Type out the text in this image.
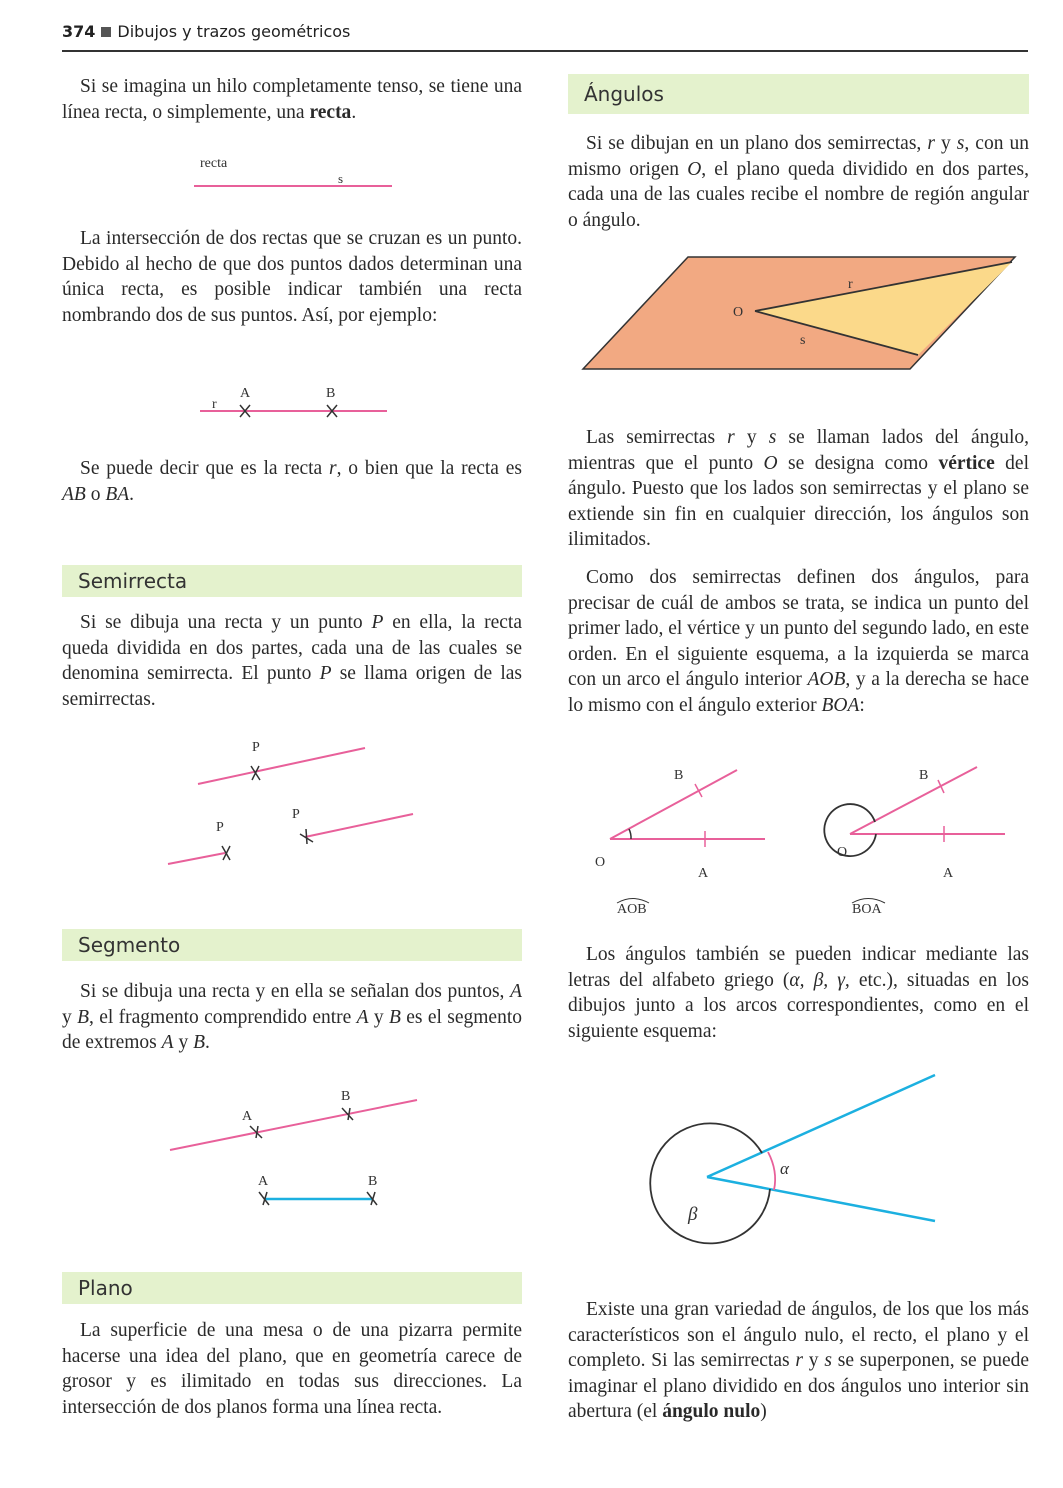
374 Dibujos y trazos geométricos
Si se imagina un hilo completamente tenso, se tiene una línea recta, o simplemente, una recta.
recta
s
La intersección de dos rectas que se cruzan es un punto. Debido al hecho de que dos puntos dados determinan una única recta, es posible indicar también una recta nombrando dos de sus puntos. Así, por ejemplo:
r
A	B
Se puede decir que es la recta r, o bien que la recta es AB o BA.
Semirrecta
Si se dibuja una recta y un punto P en ella, la recta queda dividida en dos partes, cada una de las cuales se denomina semirrecta. El punto P se llama origen de las semirrectas.
P
P
P
Segmento
Si se dibuja una recta y en ella se señalan dos puntos, A y B, el fragmento comprendido entre A y B es el segmento de extremos A y B.
A
B
A	B
Plano
La superficie de una mesa o de una pizarra permite hacerse una idea del plano, que en geometría carece de grosor y es ilimitado en todas sus direcciones. La intersección de dos planos forma una línea recta.
Ángulos
Si se dibujan en un plano dos semirrectas, r y s, con un mismo origen O, el plano queda dividido en dos partes, cada una de las cuales recibe el nombre de región angular o ángulo.
O
r
s
Las semirrectas r y s se llaman lados del ángulo, mientras que el punto O se designa como vértice del ángulo. Puesto que los lados son semirrectas y el plano se extiende sin fin en cualquier dirección, los ángulos son ilimitados.
Como dos semirrectas definen dos ángulos, para precisar de cuál de ambos se trata, se indica un punto del primer lado, el vértice y un punto del segundo lado, en este orden. En el siguiente esquema, a la izquierda se marca con un arco el ángulo interior AOB, y a la derecha se hace lo mismo con el ángulo exterior BOA:
B
O
A
AOB
B
O
A
BOA
Los ángulos también se pueden indicar mediante las letras del alfabeto griego (α, β, γ, etc.), situadas en los dibujos junto a los arcos correspondientes, como en el siguiente esquema:
α
β
Existe una gran variedad de ángulos, de los que los más característicos son el ángulo nulo, el recto, el plano y el completo. Si las semirrectas r y s se superponen, se puede imaginar el plano dividido en dos ángulos uno interior sin abertura (el ángulo nulo)
